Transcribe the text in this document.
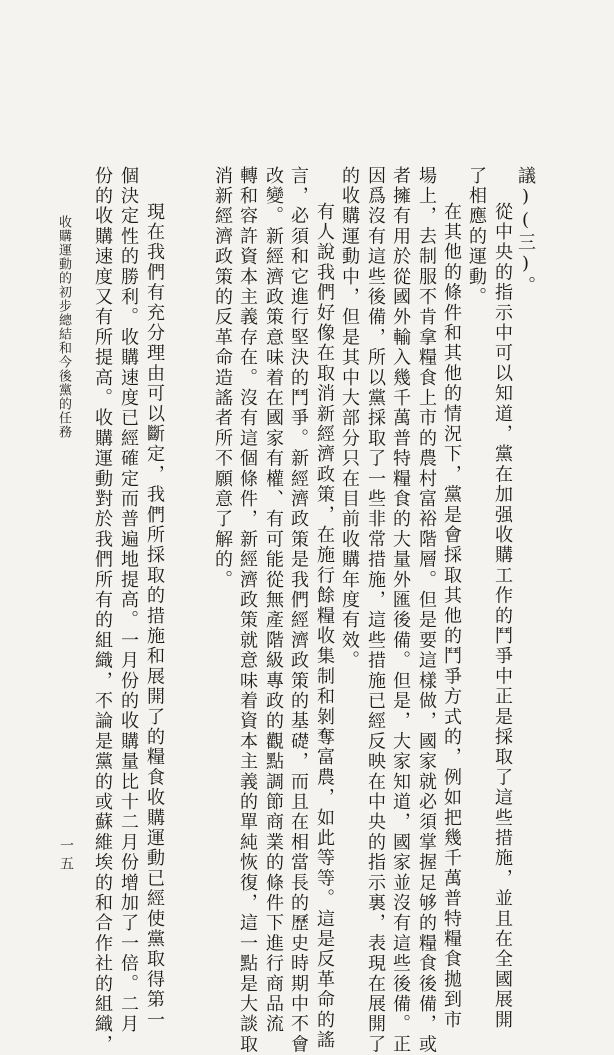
議)(三)。
從中央的指示中可以知道，黨在加强收購工作的鬥爭中正是採取了這些措施，並且在全國展開
了相應的運動。
在其他的條件和其他的情況下，黨是會採取其他的鬥爭方式的，例如把幾千萬普特糧食拋到市
場上，去制服不肯拿糧食上市的農村富裕階層。但是要這樣做，國家就必須掌握足够的糧食後備，或
者擁有用於從國外輸入幾千萬普特糧食的大量外匯後備。但是，大家知道，國家並沒有這些後備。正
因爲沒有這些後備，所以黨採取了一些非常措施，這些措施已經反映在中央的指示裏，表現在展開了
的收購運動中，但是其中大部分只在目前收購年度有效。
有人說我們好像在取消新經濟政策，在施行餘糧收集制和剝奪富農，如此等等。這是反革命的謠
言，必須和它進行堅決的鬥爭。新經濟政策是我們經濟政策的基礎，而且在相當長的歷史時期中不會
改變。新經濟政策意味着在國家有權、有可能從無產階級專政的觀點調節商業的條件下進行商品流
轉和容許資本主義存在。沒有這個條件，新經濟政策就意味着資本主義的單純恢復，這一點是大談取
消新經濟政策的反革命造謠者所不願意了解的。
現在我們有充分理由可以斷定，我們所採取的措施和展開了的糧食收購運動已經使黨取得第一
個決定性的勝利。收購速度已經確定而普遍地提高。一月份的收購量比十二月份增加了一倍。二月
份的收購速度又有所提高。收購運動對於我們所有的組織，不論是黨的或蘇維埃的和合作社的組織，
收購運動的初步總結和今後黨的任務
一五
